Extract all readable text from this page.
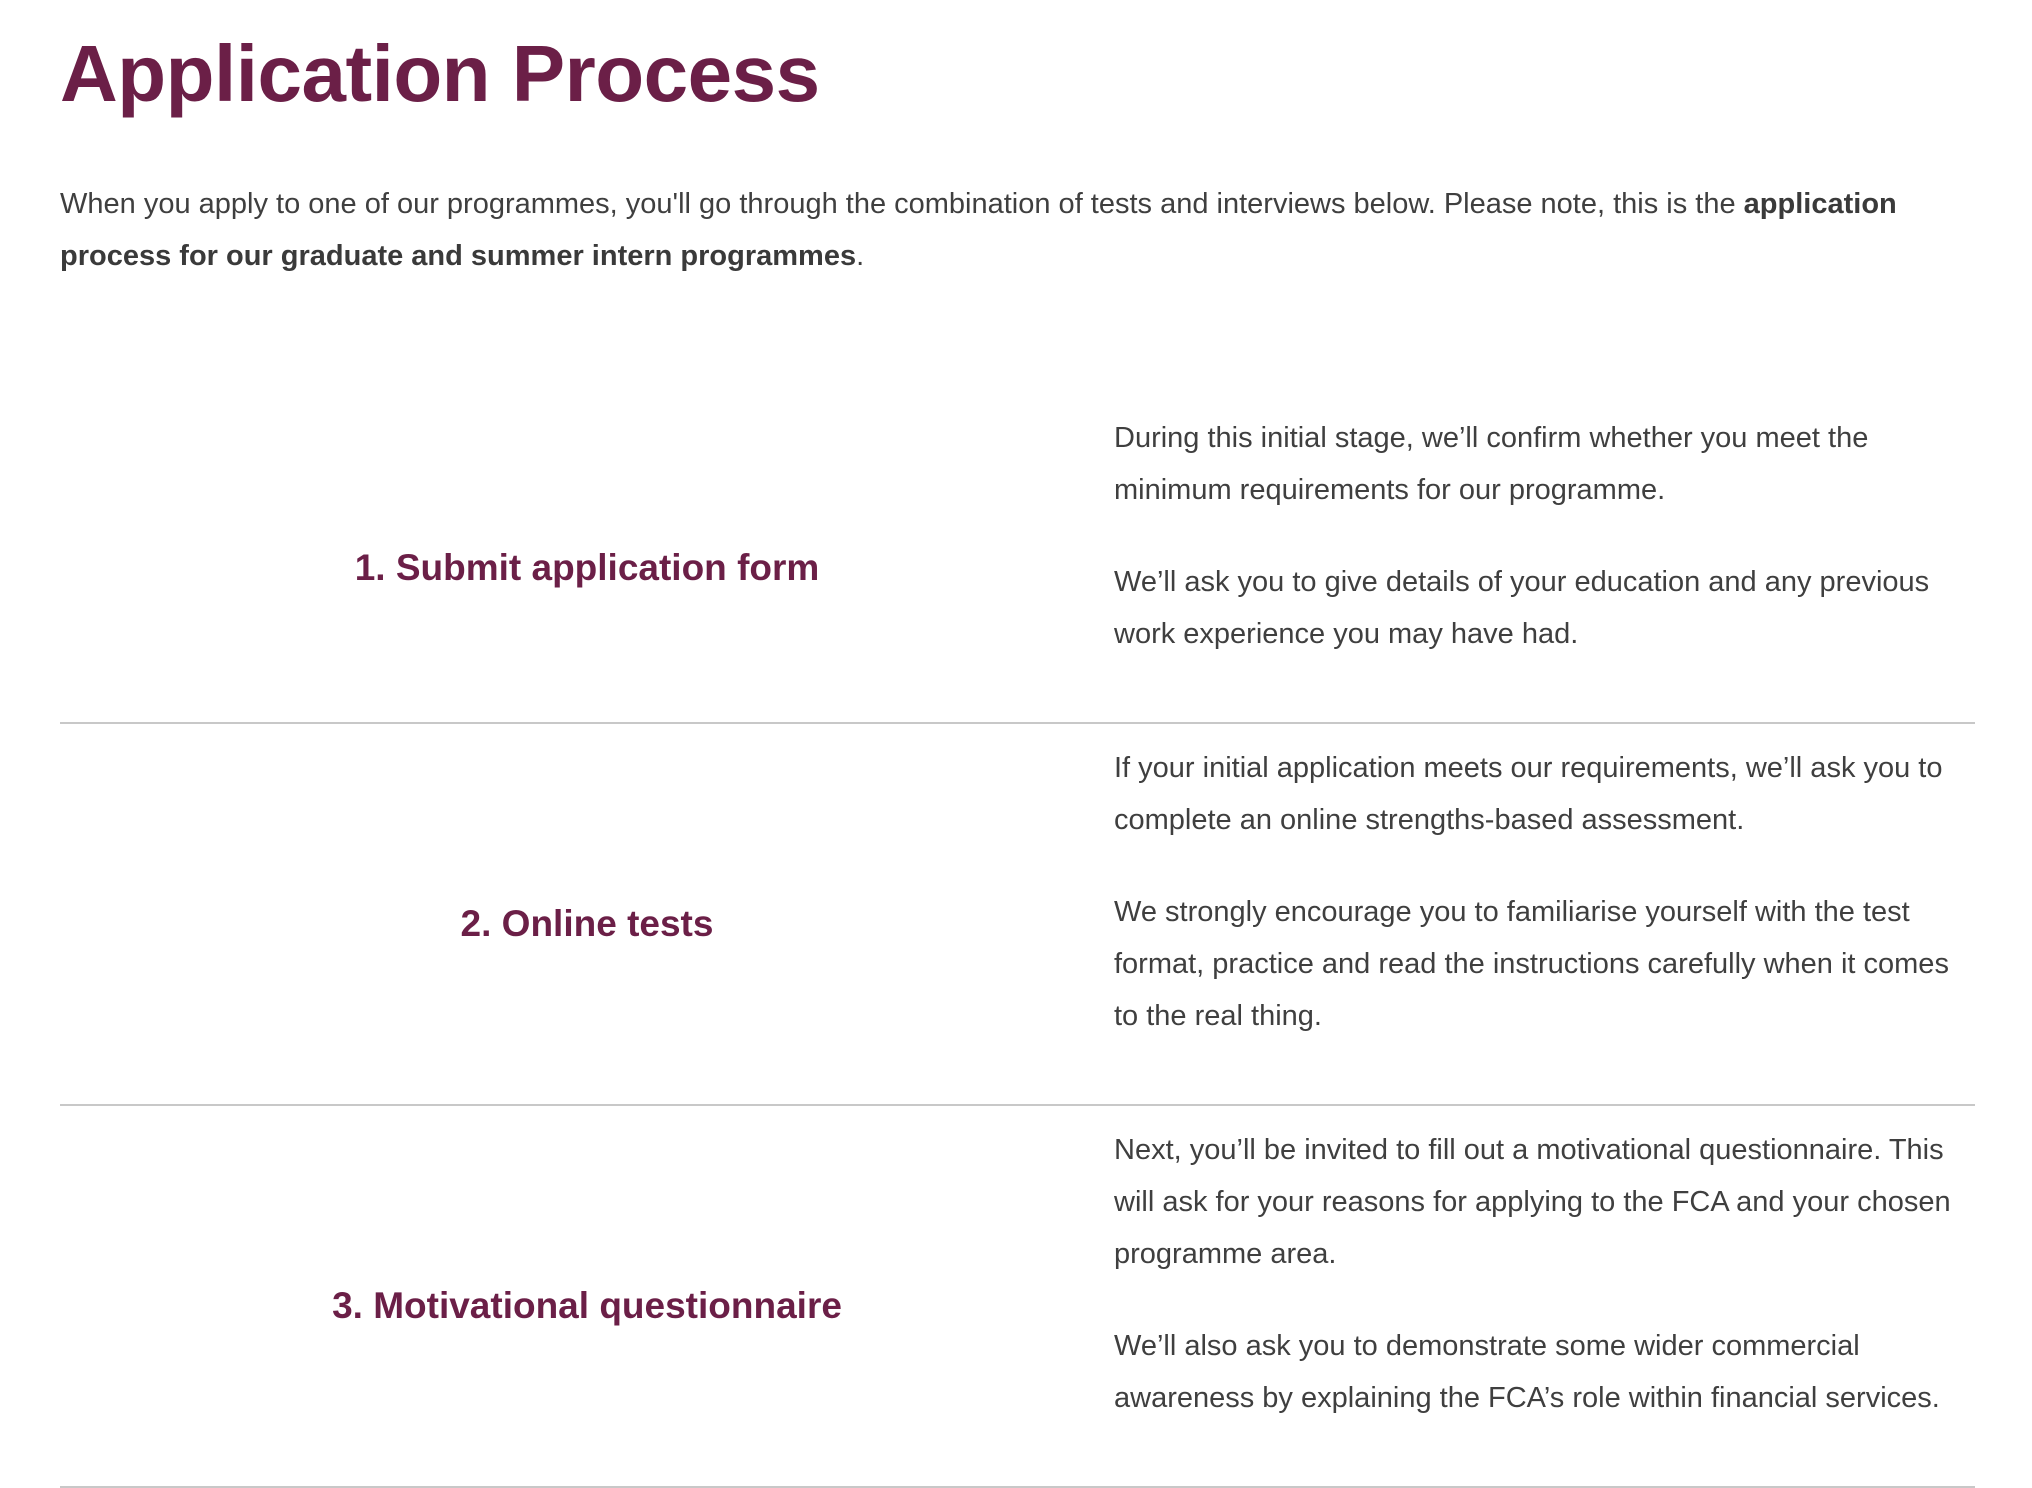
Application Process

When you apply to one of our programmes, you'll go through the combination of tests and interviews below. Please note, this is the application process for our graduate and summer intern programmes.

1. Submit application form

During this initial stage, we’ll confirm whether you meet the minimum requirements for our programme.

We’ll ask you to give details of your education and any previous work experience you may have had.

2. Online tests

If your initial application meets our requirements, we’ll ask you to complete an online strengths-based assessment.

We strongly encourage you to familiarise yourself with the test format, practice and read the instructions carefully when it comes to the real thing.

3. Motivational questionnaire

Next, you’ll be invited to fill out a motivational questionnaire. This will ask for your reasons for applying to the FCA and your chosen programme area.

We’ll also ask you to demonstrate some wider commercial awareness by explaining the FCA’s role within financial services.
